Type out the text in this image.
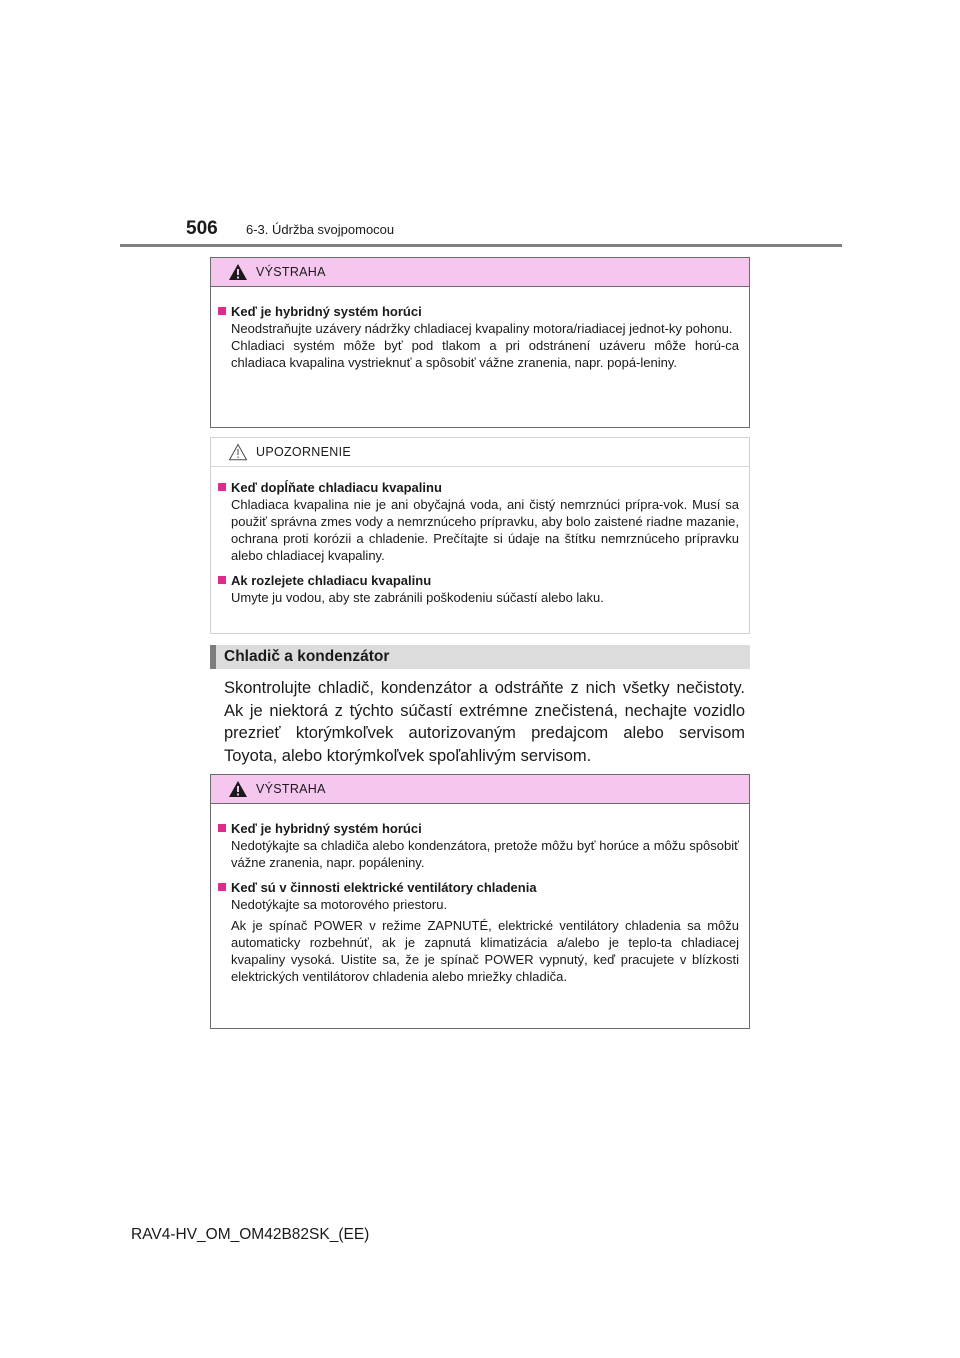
506 6-3. Údržba svojpomocou
VÝSTRAHA
Keď je hybridný systém horúci

Neodstraňujte uzávery nádržky chladiacej kvapaliny motora/riadiacej jednot-ky pohonu.

Chladiaci systém môže byť pod tlakom a pri odstránení uzáveru môže horú-ca chladiaca kvapalina vystrieknuť a spôsobiť vážne zranenia, napr. popá-leniny.

UPOZORNENIE
Keď dopĺňate chladiacu kvapalinu

Chladiaca kvapalina nie je ani obyčajná voda, ani čistý nemrznúci prípra-vok. Musí sa použiť správna zmes vody a nemrznúceho prípravku, aby bolo zaistené riadne mazanie, ochrana proti korózii a chladenie. Prečítajte si údaje na štítku nemrznúceho prípravku alebo chladiacej kvapaliny.

Ak rozlejete chladiacu kvapalinu

Umyte ju vodou, aby ste zabránili poškodeniu súčastí alebo laku.

Chladič a kondenzátor
Skontrolujte chladič, kondenzátor a odstráňte z nich všetky nečistoty. Ak je niektorá z týchto súčastí extrémne znečistená, nechajte vozidlo prezrieť ktorýmkoľvek autorizovaným predajcom alebo servisom Toyota, alebo ktorýmkoľvek spoľahlivým servisom.
VÝSTRAHA
Keď je hybridný systém horúci

Nedotýkajte sa chladiča alebo kondenzátora, pretože môžu byť horúce a môžu spôsobiť vážne zranenia, napr. popáleniny.

Keď sú v činnosti elektrické ventilátory chladenia

Nedotýkajte sa motorového priestoru.

Ak je spínač POWER v režime ZAPNUTÉ, elektrické ventilátory chladenia sa môžu automaticky rozbehnúť, ak je zapnutá klimatizácia a/alebo je teplo-ta chladiacej kvapaliny vysoká. Uistite sa, že je spínač POWER vypnutý, keď pracujete v blízkosti elektrických ventilátorov chladenia alebo mriežky chladiča.

RAV4-HV_OM_OM42B82SK_(EE)
